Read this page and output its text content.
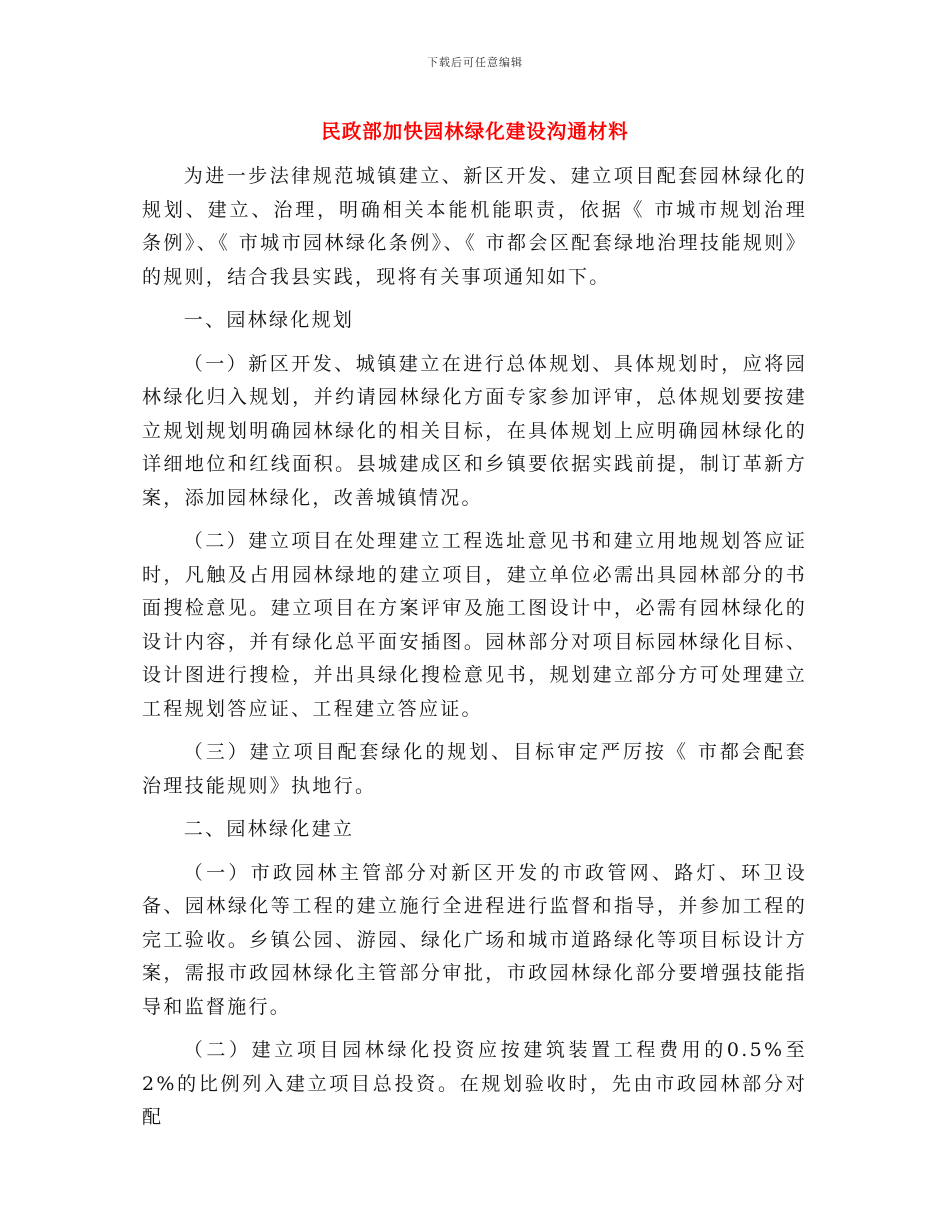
下载后可任意编辑
民政部加快园林绿化建设沟通材料

为进一步法律规范城镇建立、新区开发、建立项目配套园林绿化的规划、建立、治理，明确相关本能机能职责，依据《 市城市规划治理条例》、《 市城市园林绿化条例》、《 市都会区配套绿地治理技能规则》的规则，结合我县实践，现将有关事项通知如下。

一、园林绿化规划

（一）新区开发、城镇建立在进行总体规划、具体规划时，应将园林绿化归入规划，并约请园林绿化方面专家参加评审，总体规划要按建立规划规划明确园林绿化的相关目标，在具体规划上应明确园林绿化的详细地位和红线面积。县城建成区和乡镇要依据实践前提，制订革新方案，添加园林绿化，改善城镇情况。

（二）建立项目在处理建立工程选址意见书和建立用地规划答应证时，凡触及占用园林绿地的建立项目，建立单位必需出具园林部分的书面搜检意见。建立项目在方案评审及施工图设计中，必需有园林绿化的设计内容，并有绿化总平面安插图。园林部分对项目标园林绿化目标、设计图进行搜检，并出具绿化搜检意见书，规划建立部分方可处理建立工程规划答应证、工程建立答应证。

（三）建立项目配套绿化的规划、目标审定严厉按《 市都会配套治理技能规则》执地行。

二、园林绿化建立

（一）市政园林主管部分对新区开发的市政管网、路灯、环卫设备、园林绿化等工程的建立施行全进程进行监督和指导，并参加工程的完工验收。乡镇公园、游园、绿化广场和城市道路绿化等项目标设计方案，需报市政园林绿化主管部分审批，市政园林绿化部分要增强技能指导和监督施行。

（二）建立项目园林绿化投资应按建筑装置工程费用的0.5%至2%的比例列入建立项目总投资。在规划验收时，先由市政园林部分对配
